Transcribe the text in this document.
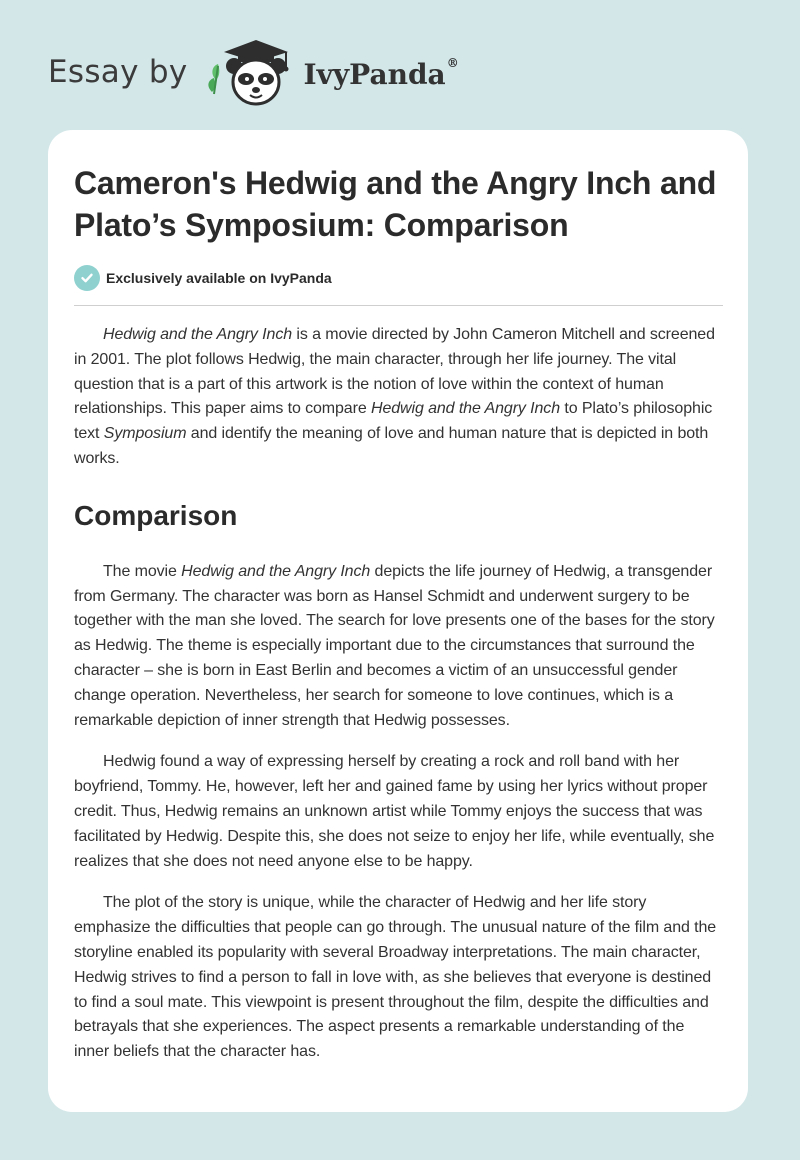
Essay by	IvyPanda®
Cameron's Hedwig and the Angry Inch and Plato’s Symposium: Comparison
Exclusively available on IvyPanda

Hedwig and the Angry Inch is a movie directed by John Cameron Mitchell and screened in 2001. The plot follows Hedwig, the main character, through her life journey. The vital question that is a part of this artwork is the notion of love within the context of human relationships. This paper aims to compare Hedwig and the Angry Inch to Plato’s philosophic text Symposium and identify the meaning of love and human nature that is depicted in both works.

Comparison

The movie Hedwig and the Angry Inch depicts the life journey of Hedwig, a transgender from Germany. The character was born as Hansel Schmidt and underwent surgery to be together with the man she loved. The search for love presents one of the bases for the story as Hedwig. The theme is especially important due to the circumstances that surround the character – she is born in East Berlin and becomes a victim of an unsuccessful gender change operation. Nevertheless, her search for someone to love continues, which is a remarkable depiction of inner strength that Hedwig possesses.

Hedwig found a way of expressing herself by creating a rock and roll band with her boyfriend, Tommy. He, however, left her and gained fame by using her lyrics without proper credit. Thus, Hedwig remains an unknown artist while Tommy enjoys the success that was facilitated by Hedwig. Despite this, she does not seize to enjoy her life, while eventually, she realizes that she does not need anyone else to be happy.

The plot of the story is unique, while the character of Hedwig and her life story emphasize the difficulties that people can go through. The unusual nature of the film and the storyline enabled its popularity with several Broadway interpretations. The main character, Hedwig strives to find a person to fall in love with, as she believes that everyone is destined to find a soul mate. This viewpoint is present throughout the film, despite the difficulties and betrayals that she experiences. The aspect presents a remarkable understanding of the inner beliefs that the character has.
